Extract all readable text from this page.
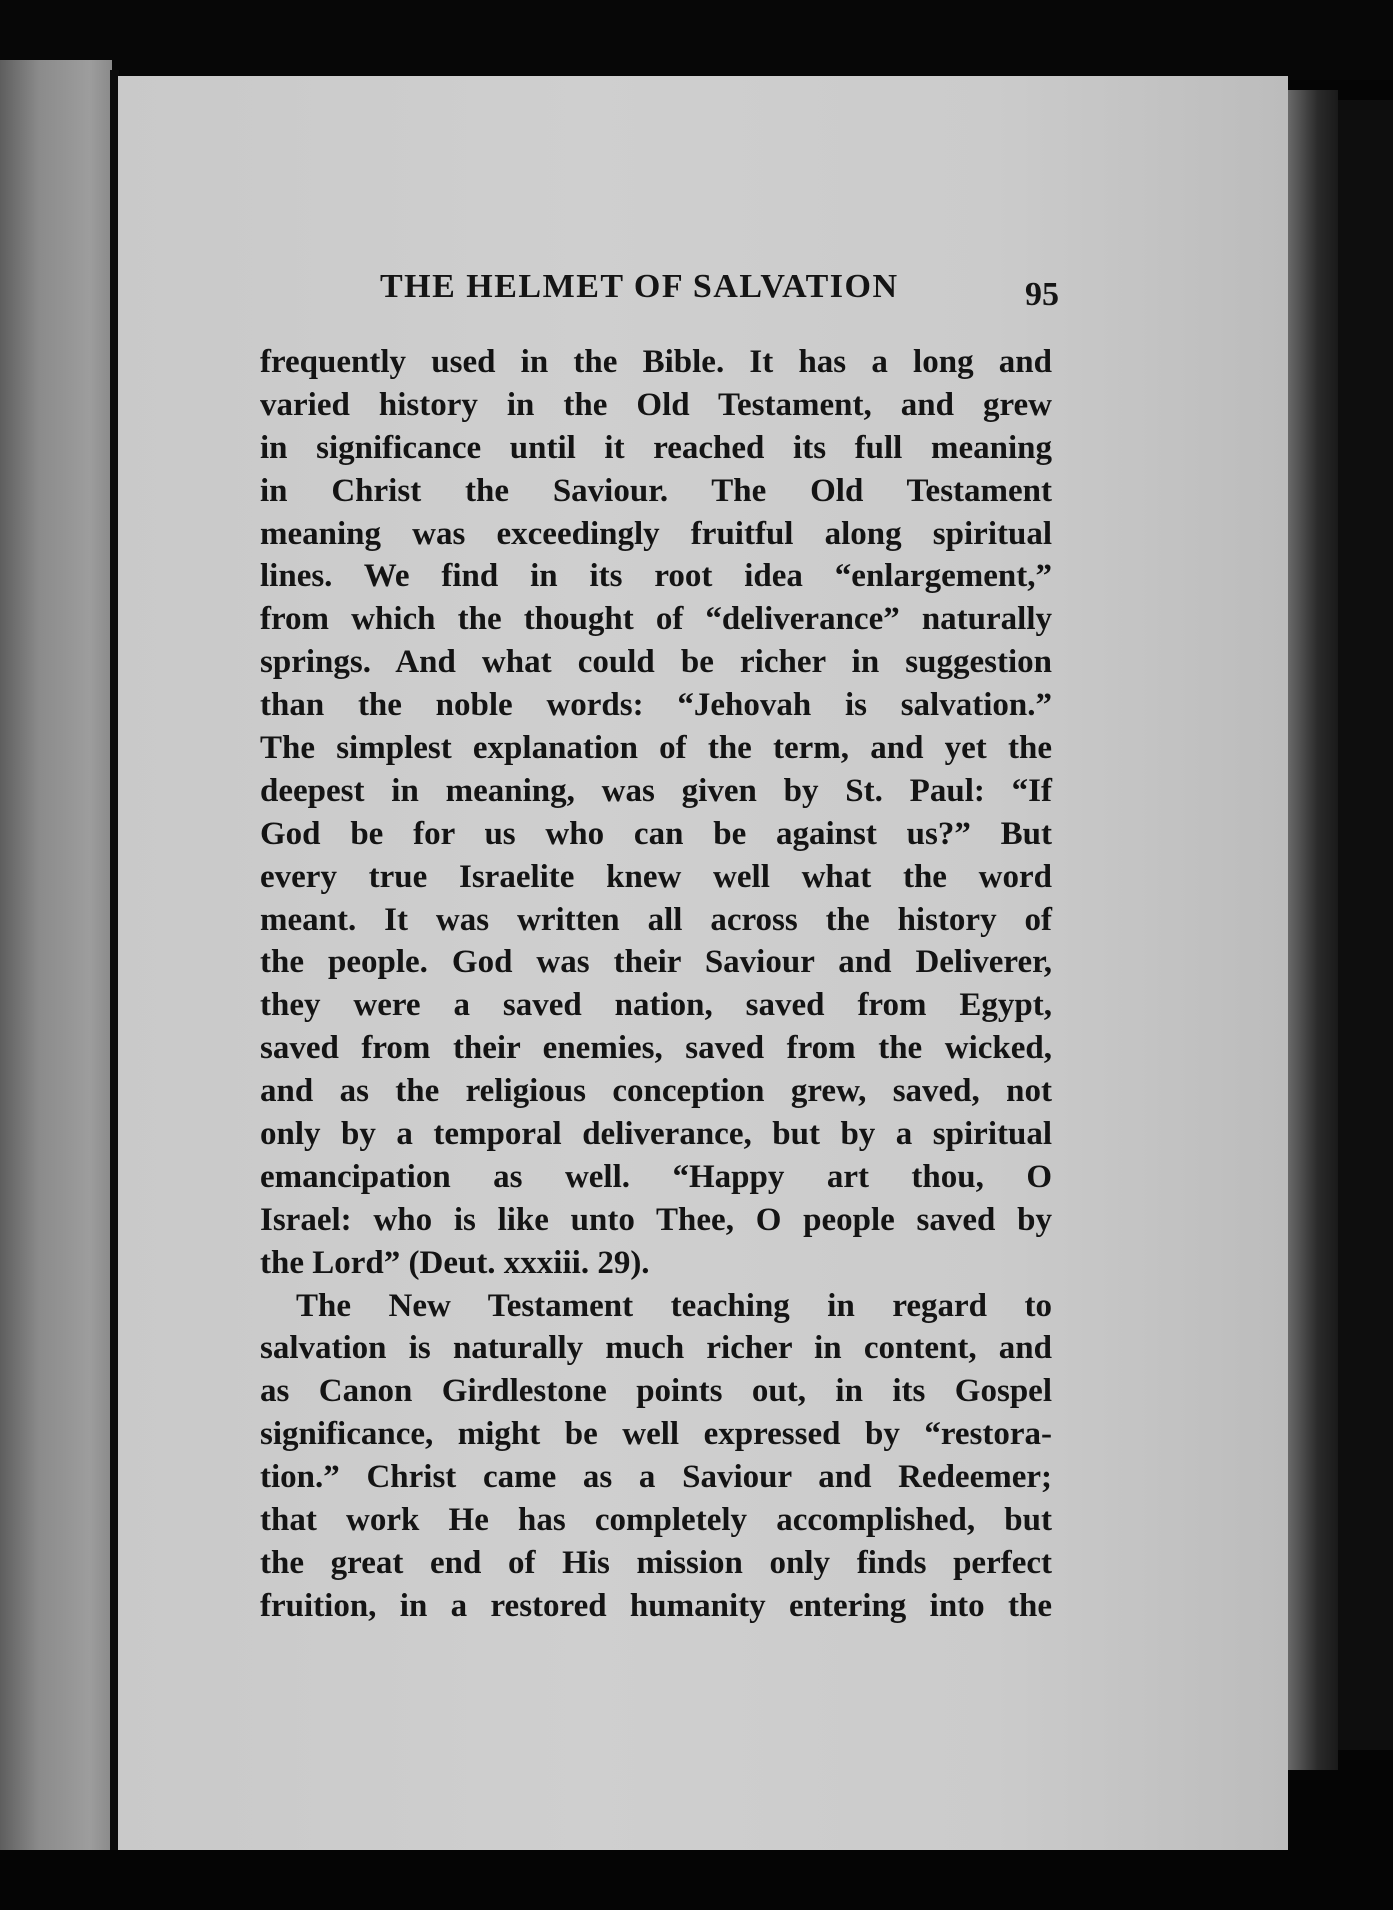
THE HELMET OF SALVATION	95
frequently used in the Bible. It has a long and
varied history in the Old Testament, and grew
in significance until it reached its full meaning
in Christ the Saviour. The Old Testament
meaning was exceedingly fruitful along spiritual
lines. We find in its root idea “enlargement,”
from which the thought of “deliverance” naturally
springs. And what could be richer in suggestion
than the noble words: “Jehovah is salvation.”
The simplest explanation of the term, and yet the
deepest in meaning, was given by St. Paul: “If
God be for us who can be against us?” But
every true Israelite knew well what the word
meant. It was written all across the history of
the people. God was their Saviour and Deliverer,
they were a saved nation, saved from Egypt,
saved from their enemies, saved from the wicked,
and as the religious conception grew, saved, not
only by a temporal deliverance, but by a spiritual
emancipation as well. “Happy art thou, O
Israel: who is like unto Thee, O people saved by
the Lord” (Deut. xxxiii. 29).
The New Testament teaching in regard to
salvation is naturally much richer in content, and
as Canon Girdlestone points out, in its Gospel
significance, might be well expressed by “restora-
tion.” Christ came as a Saviour and Redeemer;
that work He has completely accomplished, but
the great end of His mission only finds perfect
fruition, in a restored humanity entering into the
